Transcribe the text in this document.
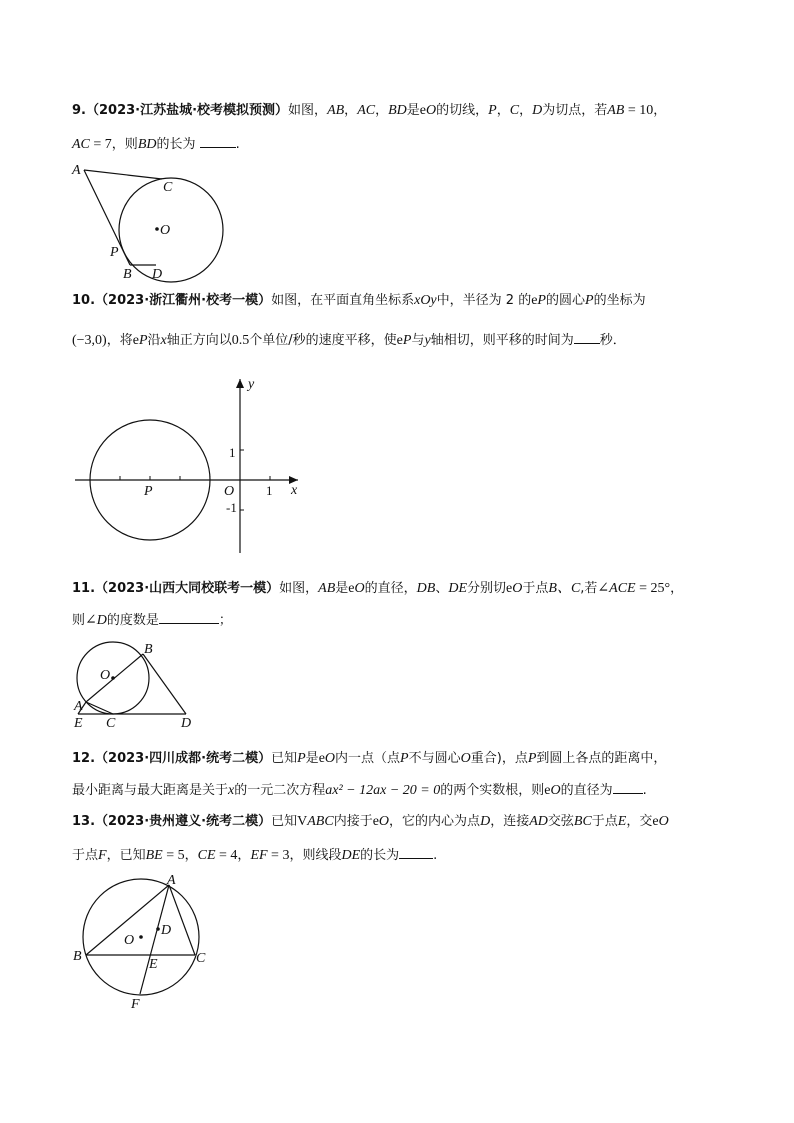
9.（2023·江苏盐城·校考模拟预测）如图，AB，AC，BD是eO的切线，P，C，D为切点，若AB = 10，
AC = 7，则BD的长为	.
A
C
O
P
B D
10.（2023·浙江衢州·校考一模）如图，在平面直角坐标系xOy中，半径为 2 的eP的圆心P的坐标为
(−3,0)，将eP沿x轴正方向以0.5个单位/秒的速度平移，使eP与y轴相切，则平移的时间为 秒．
y
x
1
1
-1
O
P
11.（2023·山西大同校联考一模）如图，AB是eO的直径，DB、DE分别切eO于点B、C,若∠ACE = 25°，
则∠D的度数是	；
B
O
A
E C	D
12.（2023·四川成都·统考二模）已知P是eO内一点（点P不与圆心O重合)，点P到圆上各点的距离中，
最小距离与最大距离是关于x的一元二次方程ax² − 12ax − 20 = 0的两个实数根，则eO的直径为 .
13.（2023·贵州遵义·统考二模）已知VABC内接于eO，它的内心为点D，连接AD交弦BC于点E，交eO
于点F，已知BE = 5，CE = 4，EF = 3，则线段DE的长为	.
A
O
D
B
E	C
F
